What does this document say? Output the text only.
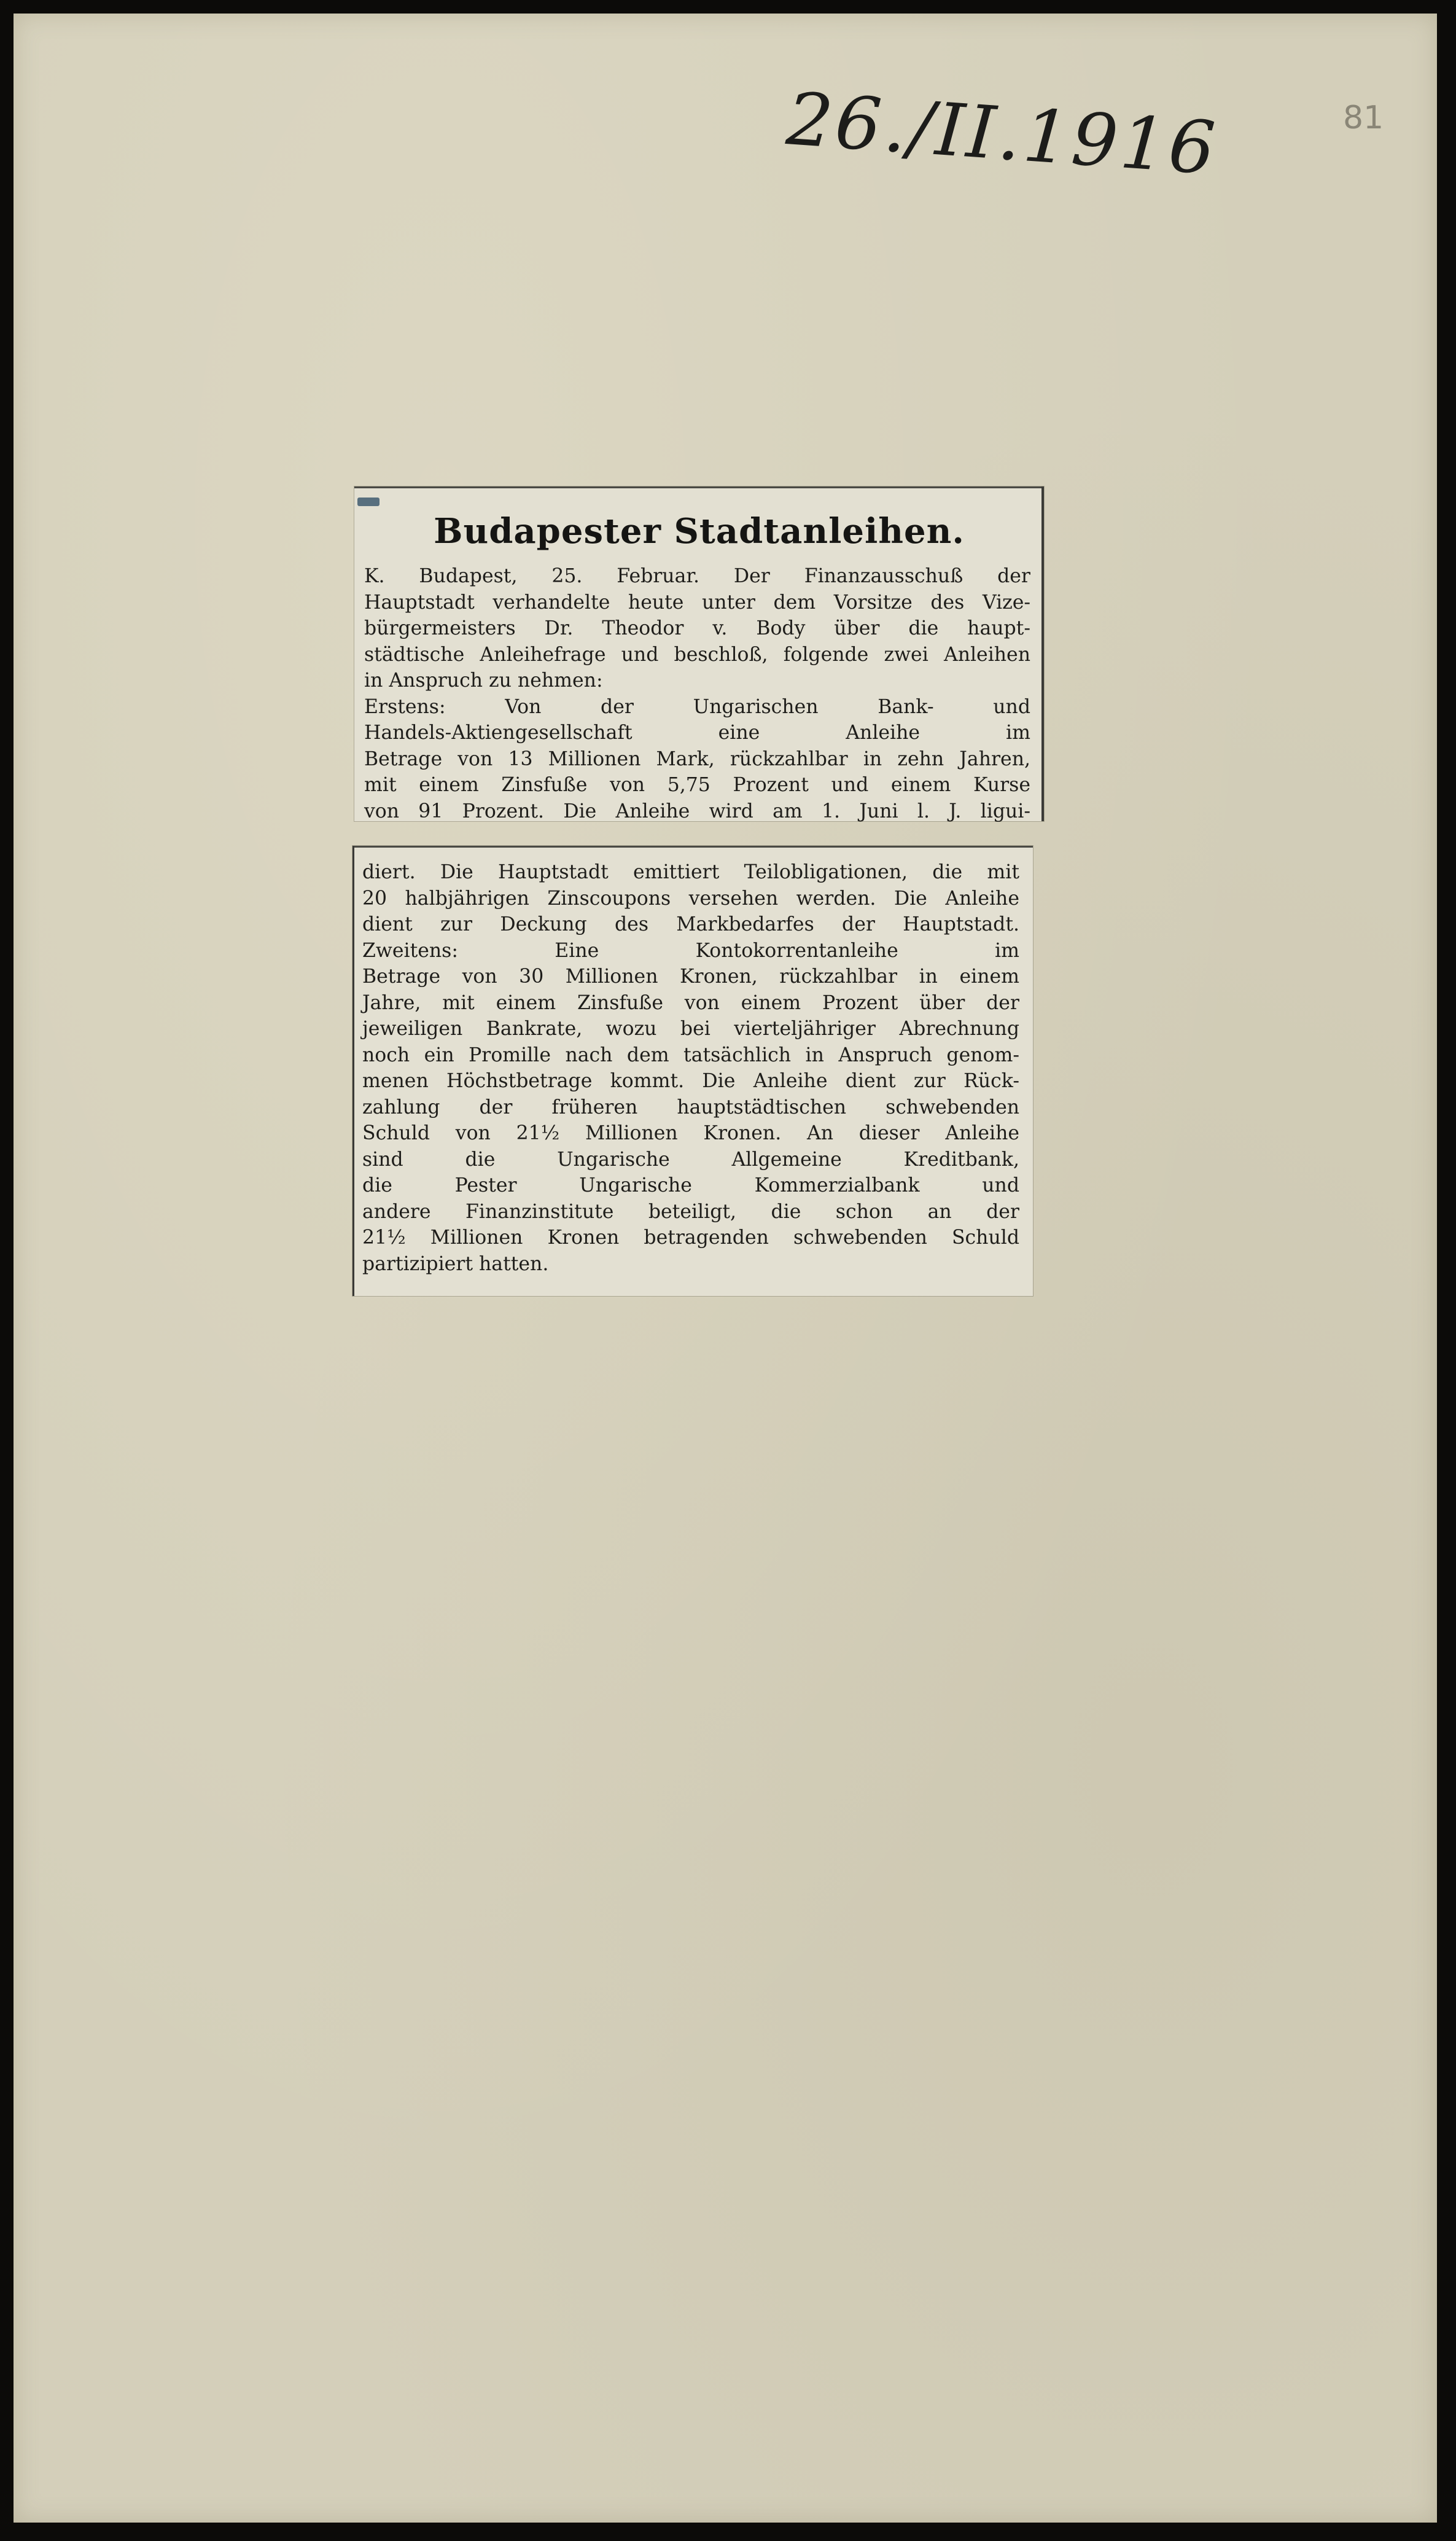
26./II.1916	81
Budapester Stadtanleihen.
K. Budapest, 25. Februar. Der Finanzausschuß der
Hauptstadt verhandelte heute unter dem Vorsitze des Vize-
bürgermeisters Dr. Theodor v. Body über die haupt-
städtische Anleihefrage und beschloß, folgende zwei Anleihen
in Anspruch zu nehmen:
Erstens: Von der Ungarischen Bank- und
Handels-Aktiengesellschaft eine Anleihe im
Betrage von 13 Millionen Mark, rückzahlbar in zehn Jahren,
mit einem Zinsfuße von 5,75 Prozent und einem Kurse
von 91 Prozent. Die Anleihe wird am 1. Juni l. J. ligui-
diert. Die Hauptstadt emittiert Teilobligationen, die mit
20 halbjährigen Zinscoupons versehen werden. Die Anleihe
dient zur Deckung des Markbedarfes der Hauptstadt.
Zweitens: Eine Kontokorrentanleihe im
Betrage von 30 Millionen Kronen, rückzahlbar in einem
Jahre, mit einem Zinsfuße von einem Prozent über der
jeweiligen Bankrate, wozu bei vierteljähriger Abrechnung
noch ein Promille nach dem tatsächlich in Anspruch genom-
menen Höchstbetrage kommt. Die Anleihe dient zur Rück-
zahlung der früheren hauptstädtischen schwebenden
Schuld von 21½ Millionen Kronen. An dieser Anleihe
sind die Ungarische Allgemeine Kreditbank,
die Pester Ungarische Kommerzialbank und
andere Finanzinstitute beteiligt, die schon an der
21½ Millionen Kronen betragenden schwebenden Schuld
partizipiert hatten.
